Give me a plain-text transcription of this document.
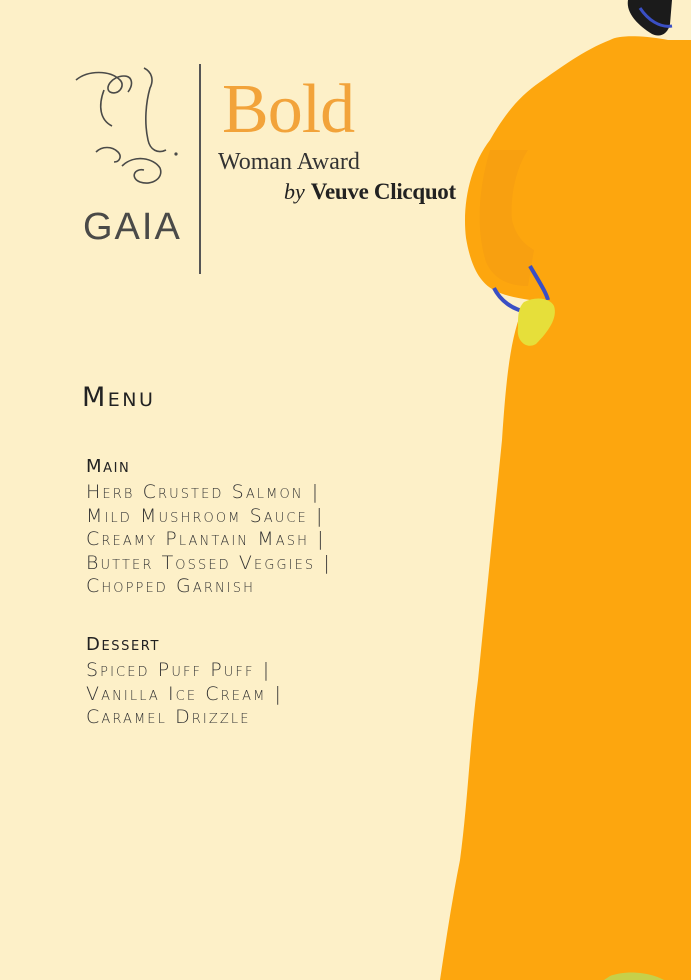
GAIA
Bold
Woman Award
by Veuve Clicquot
Menu
Main
Herb Crusted Salmon |
Mild Mushroom Sauce |
Creamy Plantain Mash |
Butter Tossed Veggies |
Chopped Garnish
Dessert
Spiced Puff Puff |
Vanilla Ice Cream |
Caramel Drizzle
